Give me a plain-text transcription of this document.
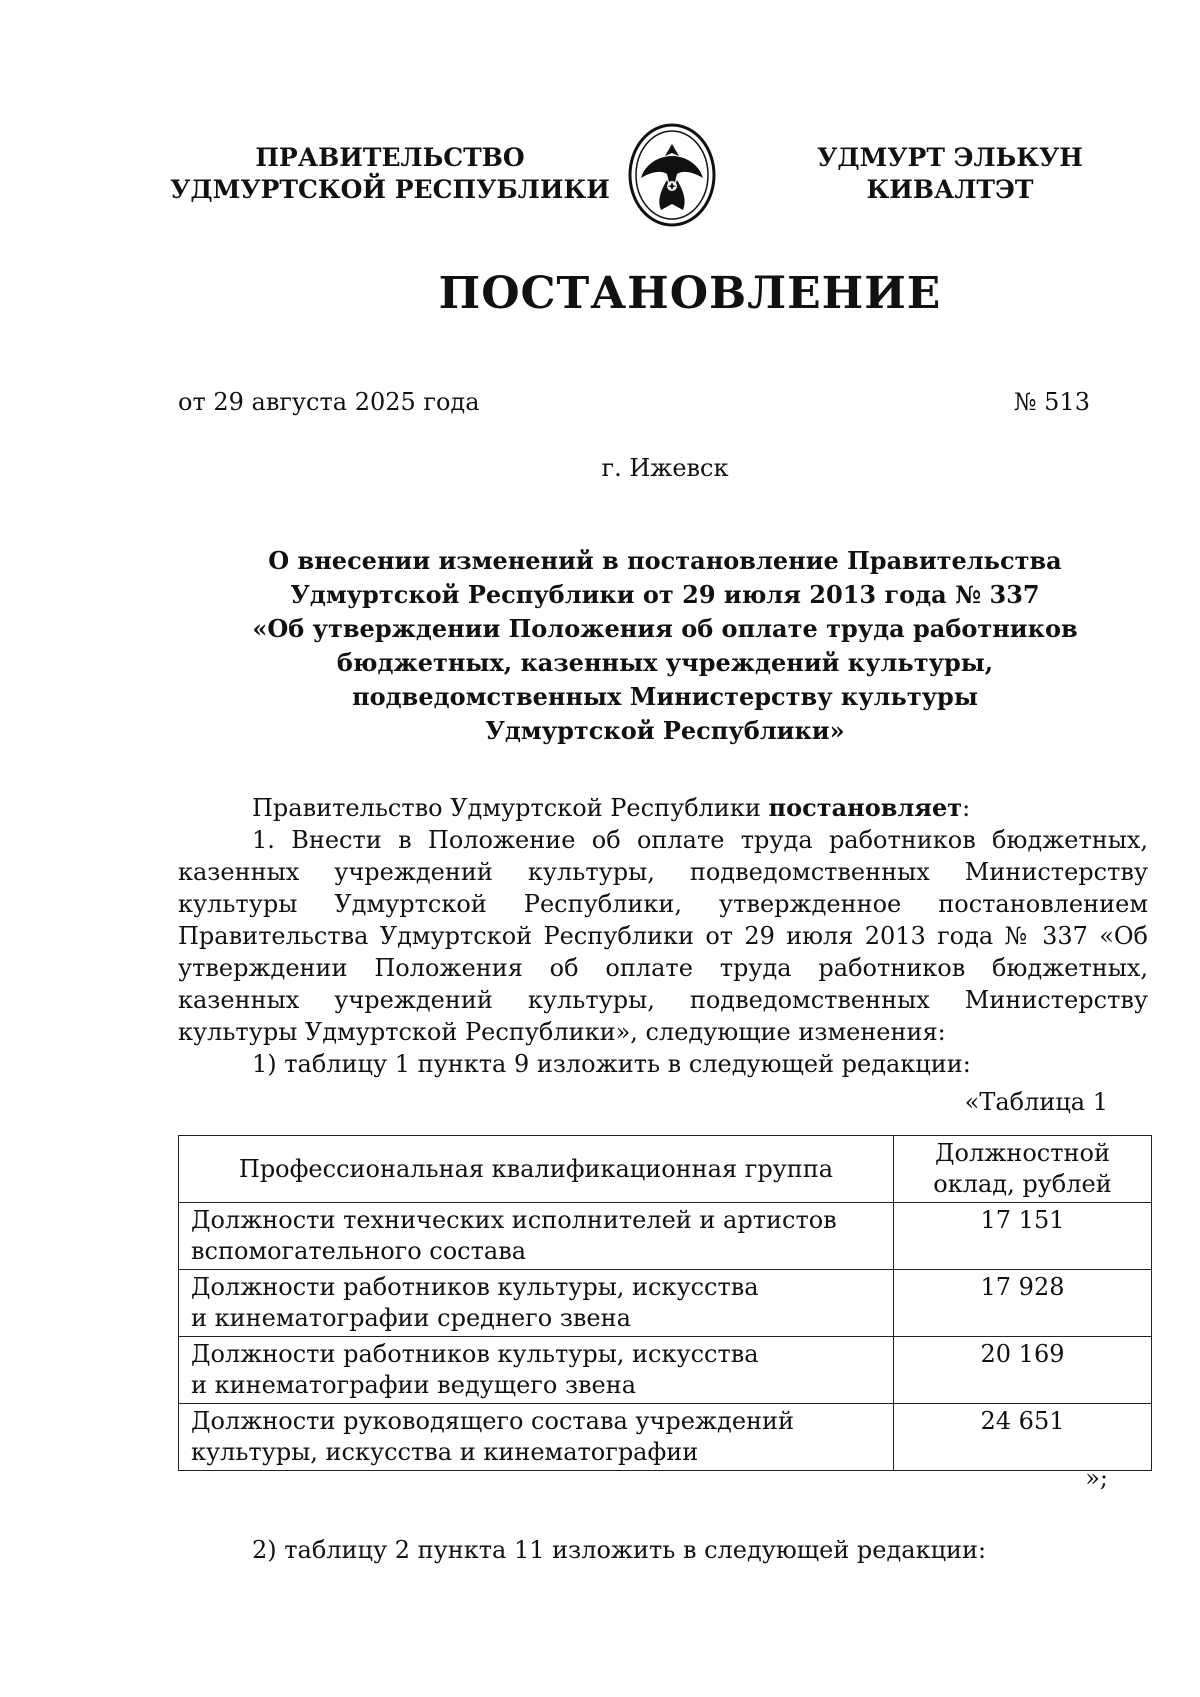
ПРАВИТЕЛЬСТВО
УДМУРТСКОЙ РЕСПУБЛИКИ
УДМУРТ ЭЛЬКУН
КИВАЛТЭТ
ПОСТАНОВЛЕНИЕ
от 29 августа 2025 года	№ 513
г. Ижевск
О внесении изменений в постановление Правительства
Удмуртской Республики от 29 июля 2013 года № 337
«Об утверждении Положения об оплате труда работников
бюджетных, казенных учреждений культуры,
подведомственных Министерству культуры
Удмуртской Республики»

Правительство Удмуртской Республики постановляет:

1. Внести в Положение об оплате труда работников бюджетных, казенных учреждений культуры, подведомственных Министерству культуры Удмуртской Республики, утвержденное постановлением Правительства Удмуртской Республики от 29 июля 2013 года № 337 «Об утверждении Положения об оплате труда работников бюджетных, казенных учреждений культуры, подведомственных Министерству культуры Удмуртской Республики», следующие изменения:

1) таблицу 1 пункта 9 изложить в следующей редакции:

«Таблица 1
Профессиональная квалификационная группа	Должностной
оклад, рублей

Должности технических исполнителей и артистов
вспомогательного состава	17 151

Должности работников культуры, искусства
и кинематографии среднего звена	17 928

Должности работников культуры, искусства
и кинематографии ведущего звена	20 169

Должности руководящего состава учреждений
культуры, искусства и кинематографии	24 651
»;
2) таблицу 2 пункта 11 изложить в следующей редакции:
